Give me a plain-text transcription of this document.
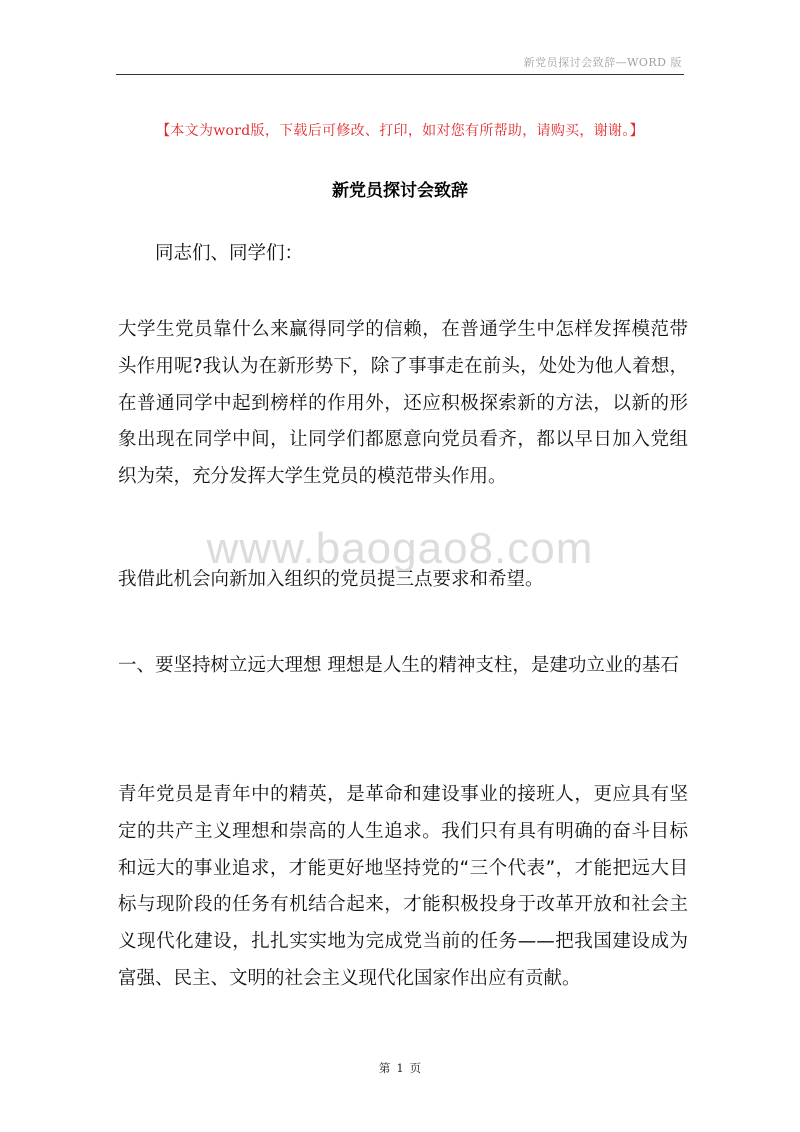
新党员探讨会致辞—WORD 版
【本文为word版，下载后可修改、打印，如对您有所帮助，请购买，谢谢。】
新党员探讨会致辞
同志们、同学们：

大学生党员靠什么来赢得同学的信赖，在普通学生中怎样发挥模范带头作用呢?我认为在新形势下，除了事事走在前头，处处为他人着想，在普通同学中起到榜样的作用外，还应积极探索新的方法，以新的形象出现在同学中间，让同学们都愿意向党员看齐，都以早日加入党组织为荣，充分发挥大学生党员的模范带头作用。

www.baogao8.com

我借此机会向新加入组织的党员提三点要求和希望。

一、要坚持树立远大理想 理想是人生的精神支柱，是建功立业的基石

青年党员是青年中的精英，是革命和建设事业的接班人，更应具有坚定的共产主义理想和崇高的人生追求。我们只有具有明确的奋斗目标和远大的事业追求，才能更好地坚持党的“三个代表”，才能把远大目标与现阶段的任务有机结合起来，才能积极投身于改革开放和社会主义现代化建设，扎扎实实地为完成党当前的任务——把我国建设成为富强、民主、文明的社会主义现代化国家作出应有贡献。

第 1 页
